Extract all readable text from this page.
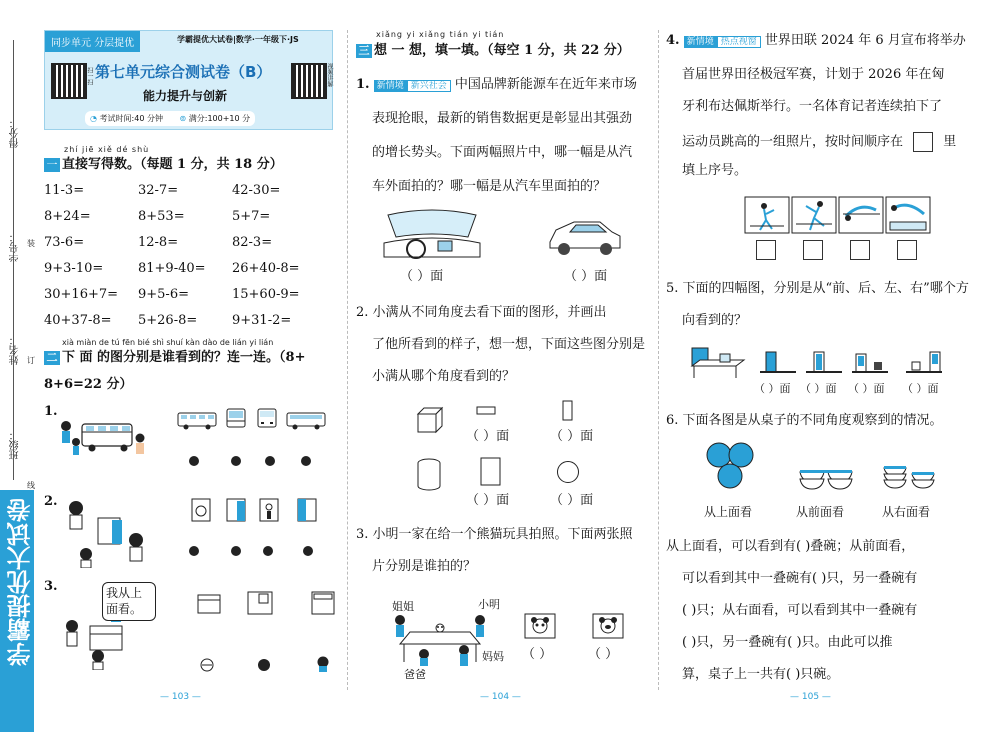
得分：
学号：
姓名：
班级：
装
订
线
学霸提优大试卷
同步单元 分层提优	学霸提优大试卷|数学·一年级下·JS
扫一扫	视频讲解
第七单元综合测试卷（B）
能力提升与创新
◔ 考试时间:40 分钟 ⊚ 满分:100+10 分
zhí jiē xiě dé shù
一 直接写得数。（每题 1 分，共 18 分）
11-3=	32-7=	42-30=
8+24=	8+53=	5+7=
73-6=	12-8=	82-3=
9+3-10=	81+9-40= 26+40-8=
30+16+7= 9+5-6=	15+60-9=
40+37-8= 5+26-8=	9+31-2=
xià miàn de tú fēn bié shì shuí kàn dào de lián yi lián
二 下 面 的图分别是谁看到的？连一连。（8+
8+6=22 分）
1.
2.
3.	我从上面看。
— 103 —
xiǎng yi xiǎng tián yi tián
三 想 一 想，填一填。（每空 1 分，共 22 分）
1. 新情境 新兴社会 中国品牌新能源车在近年来市场
表现抢眼，最新的销售数据更是彰显出其强劲
的增长势头。下面两幅照片中，哪一幅是从汽
车外面拍的？哪一幅是从汽车里面拍的？
（ ）面	（ ）面
2. 小满从不同角度去看下面的图形，并画出
了他所看到的样子，想一想，下面这些图分别是
小满从哪个角度看到的？
（ ）面	（ ）面
（ ）面	（ ）面
3. 小明一家在给一个熊猫玩具拍照。下面两张照
片分别是谁拍的？
姐姐	小明
爸爸
妈妈 （ ）	（ ）
— 104 —
4. 新情境 热点视窗 世界田联 2024 年 6 月宣布将举办
首届世界田径极冠军赛，计划于 2026 年在匈
牙利布达佩斯举行。一名体育记者连续拍下了
运动员跳高的一组照片，按时间顺序在	里
填上序号。
5. 下面的四幅图，分别是从“前、后、左、右”哪个方
向看到的？
（ ）面 （ ）面 （ ）面 （ ）面
6. 下面各图是从桌子的不同角度观察到的情况。
从上面看	从前面看	从右面看
从上面看，可以看到有( )叠碗；从前面看，
可以看到其中一叠碗有( )只，另一叠碗有
( )只；从右面看，可以看到其中一叠碗有
( )只，另一叠碗有( )只。由此可以推
算，桌子上一共有( )只碗。
— 105 —
